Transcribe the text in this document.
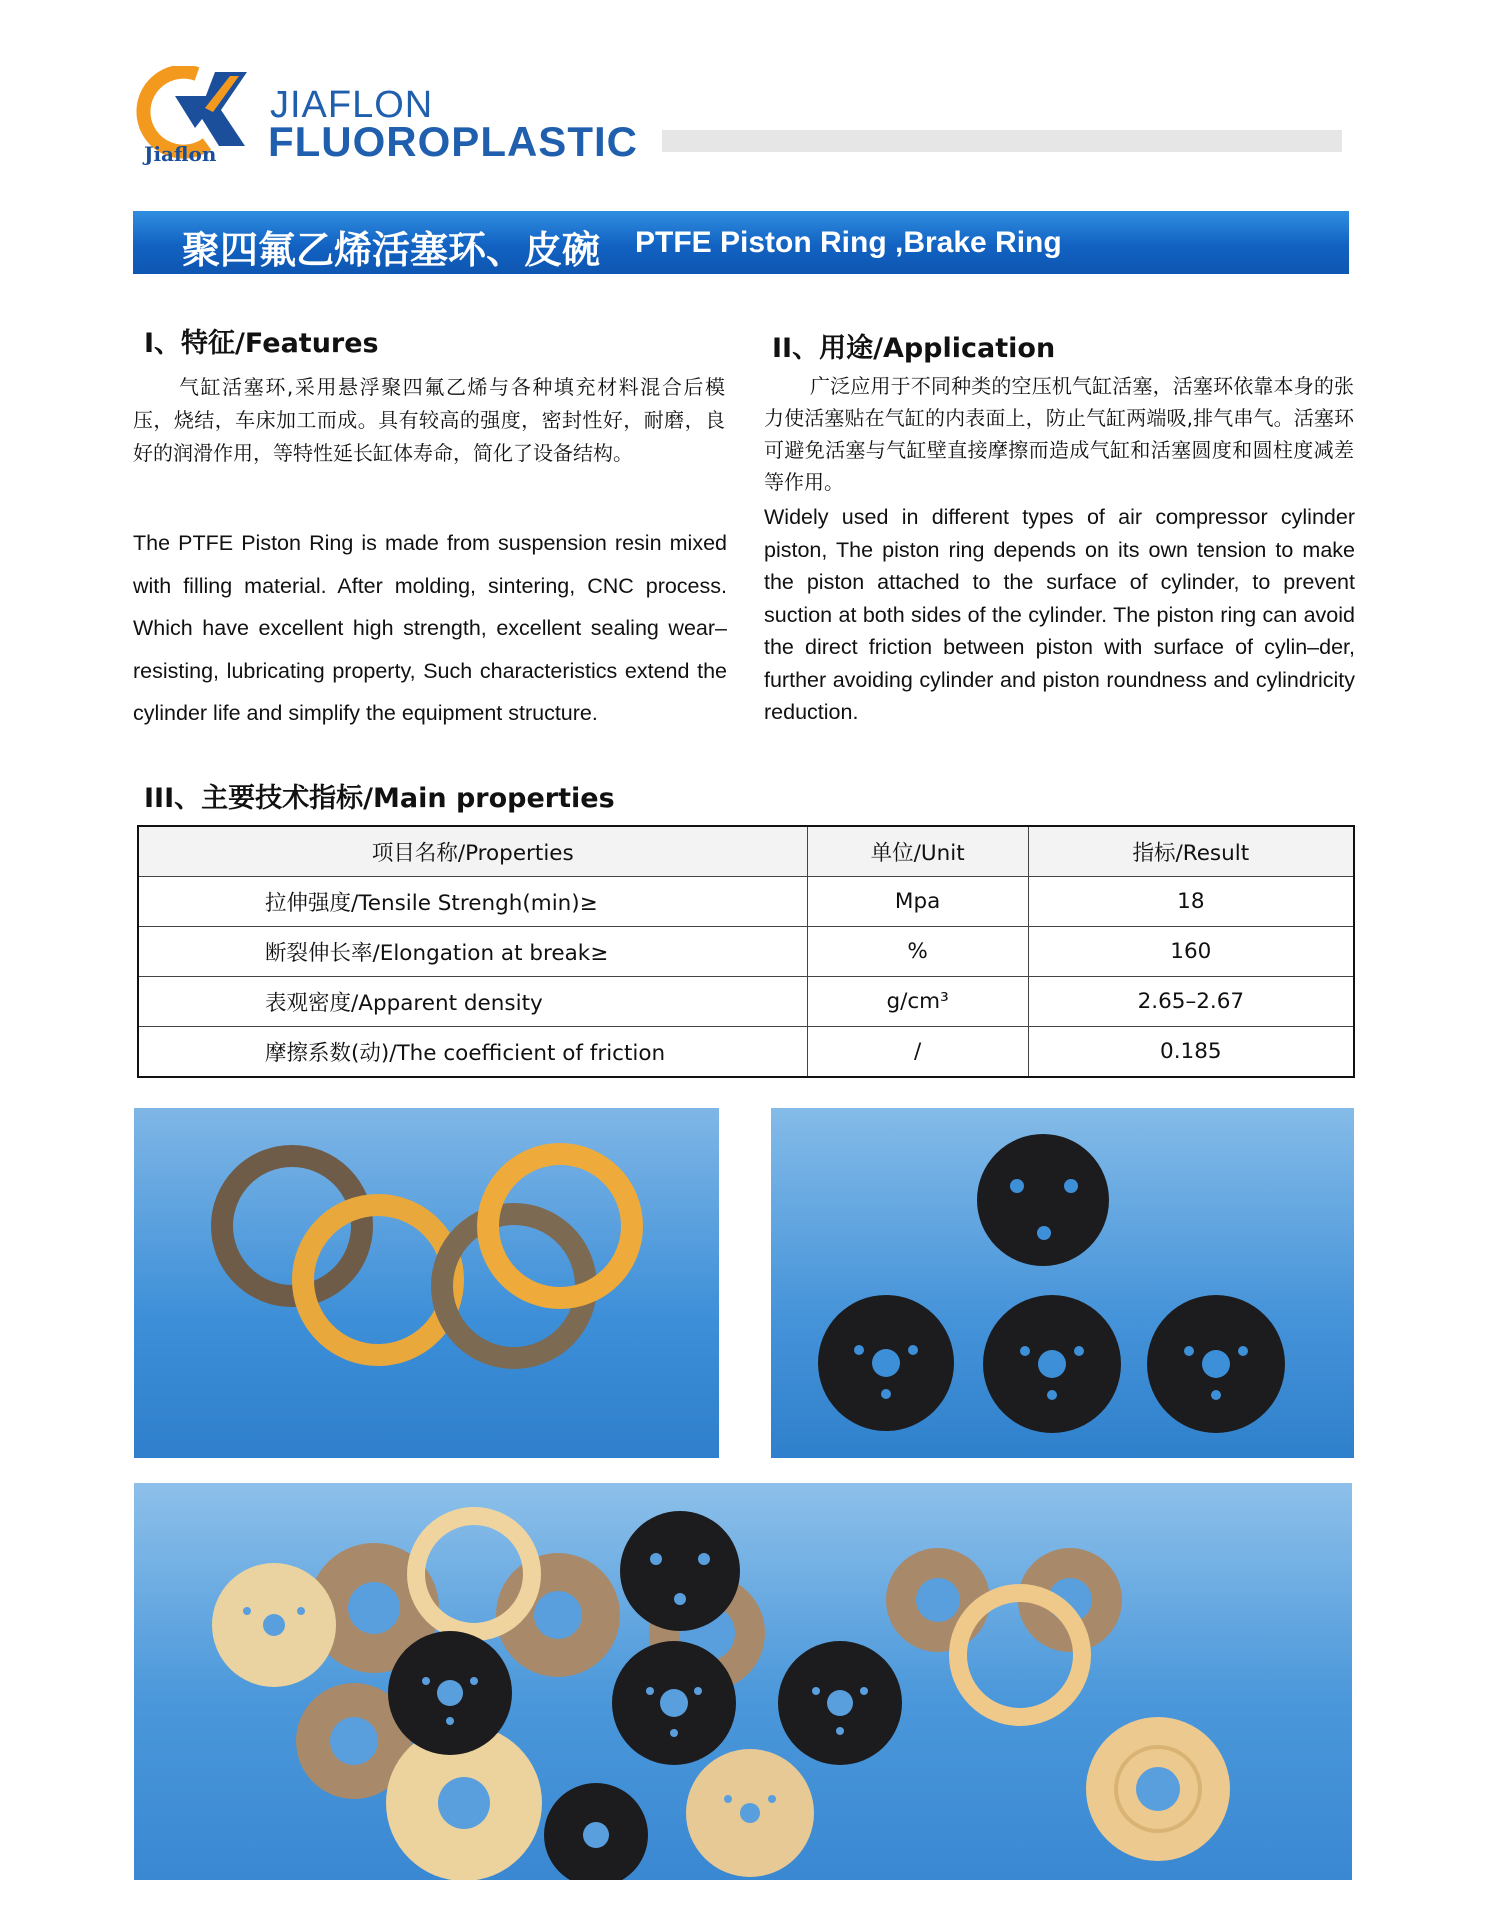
Jiaflon
JIAFLON
FLUOROPLASTIC
聚四氟乙烯活塞环、皮碗 PTFE Piston Ring ,Brake Ring
I、特征/Features
气缸活塞环,采用悬浮聚四氟乙烯与各种填充材料混合后模压，烧结，车床加工而成。具有较高的强度，密封性好，耐磨，良好的润滑作用，等特性延长缸体寿命，简化了设备结构。
The PTFE Piston Ring is made from suspension resin mixed with filling material. After molding, sintering, CNC process. Which have excellent high strength, excellent sealing wear–resisting, lubricating property, Such characteristics extend the cylinder life and simplify the equipment structure.
II、用途/Application
广泛应用于不同种类的空压机气缸活塞，活塞环依靠本身的张力使活塞贴在气缸的内表面上，防止气缸两端吸,排气串气。活塞环可避免活塞与气缸壁直接摩擦而造成气缸和活塞圆度和圆柱度减差等作用。
Widely used in different types of air compressor cylinder piston, The piston ring depends on its own tension to make the piston attached to the surface of cylinder, to prevent suction at both sides of the cylinder. The piston ring can avoid the direct friction between piston with surface of cylin–der, further avoiding cylinder and piston roundness and cylindricity reduction.
III、主要技术指标/Main properties
项目名称/Properties	单位/Unit	指标/Result
拉伸强度/Tensile Strengh(min)≥	Mpa	18
断裂伸长率/Elongation at break≥	%	160
表观密度/Apparent density	g/cm³	2.65–2.67
摩擦系数(动)/The coefficient of friction	/	0.185
